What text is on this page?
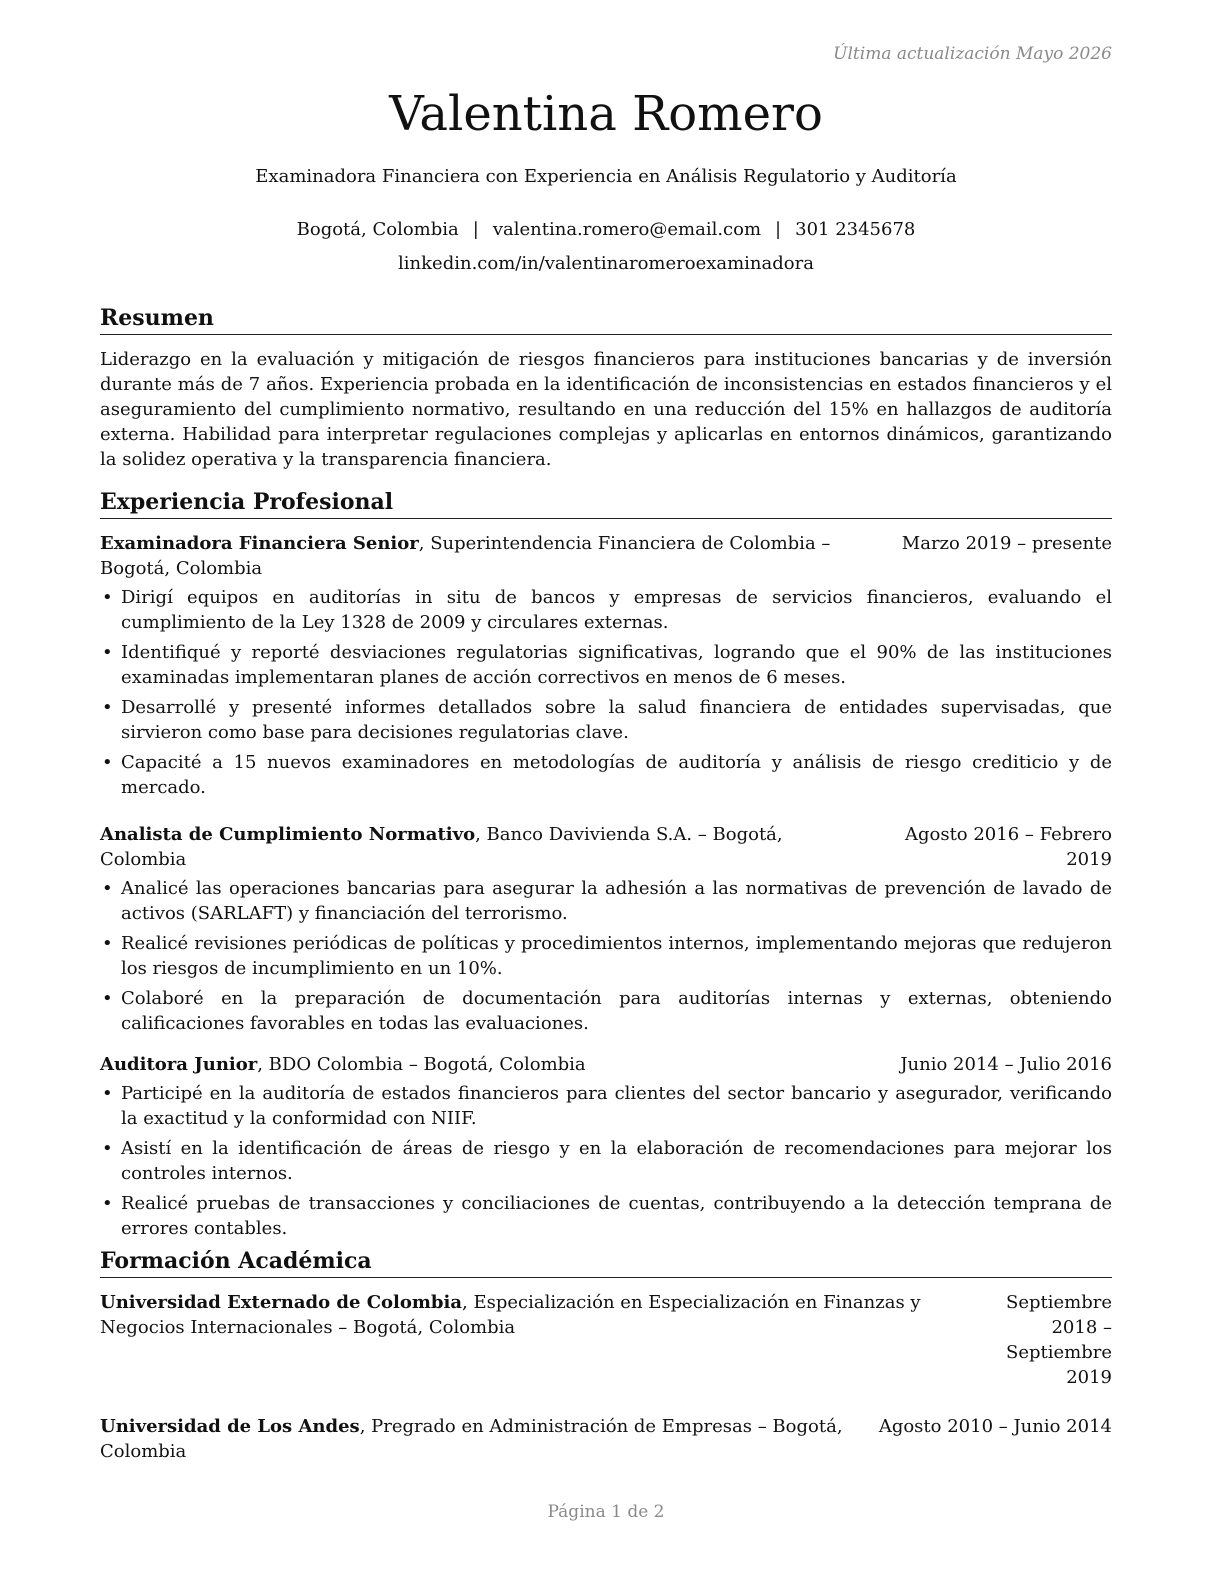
Última actualización Mayo 2026
Valentina Romero
Examinadora Financiera con Experiencia en Análisis Regulatorio y Auditoría
Bogotá, Colombia | valentina.romero@email.com | 301 2345678
linkedin.com/in/valentinaromeroexaminadora
Resumen
Liderazgo en la evaluación y mitigación de riesgos financieros para instituciones bancarias y de inversión durante más de 7 años. Experiencia probada en la identificación de inconsistencias en estados financieros y el aseguramiento del cumplimiento normativo, resultando en una reducción del 15% en hallazgos de auditoría externa. Habilidad para interpretar regulaciones complejas y aplicarlas en entornos dinámicos, garantizando la solidez operativa y la transparencia financiera.
Experiencia Profesional
Examinadora Financiera Senior, Superintendencia Financiera de Colombia – Bogotá, Colombia
Marzo 2019 – presente
• Dirigí equipos en auditorías in situ de bancos y empresas de servicios financieros, evaluando el cumplimiento de la Ley 1328 de 2009 y circulares externas.
• Identifiqué y reporté desviaciones regulatorias significativas, logrando que el 90% de las instituciones examinadas implementaran planes de acción correctivos en menos de 6 meses.
• Desarrollé y presenté informes detallados sobre la salud financiera de entidades supervisadas, que sirvieron como base para decisiones regulatorias clave.
• Capacité a 15 nuevos examinadores en metodologías de auditoría y análisis de riesgo crediticio y de mercado.
Analista de Cumplimiento Normativo, Banco Davivienda S.A. – Bogotá, Colombia
Agosto 2016 – Febrero 2019
• Analicé las operaciones bancarias para asegurar la adhesión a las normativas de prevención de lavado de activos (SARLAFT) y financiación del terrorismo.
• Realicé revisiones periódicas de políticas y procedimientos internos, implementando mejoras que redujeron los riesgos de incumplimiento en un 10%.
• Colaboré en la preparación de documentación para auditorías internas y externas, obteniendo calificaciones favorables en todas las evaluaciones.
Auditora Junior, BDO Colombia – Bogotá, Colombia	Junio 2014 – Julio 2016
• Participé en la auditoría de estados financieros para clientes del sector bancario y asegurador, verificando la exactitud y la conformidad con NIIF.
• Asistí en la identificación de áreas de riesgo y en la elaboración de recomendaciones para mejorar los controles internos.
• Realicé pruebas de transacciones y conciliaciones de cuentas, contribuyendo a la detección temprana de errores contables.
Formación Académica
Universidad Externado de Colombia, Especialización en Especialización en Finanzas y Negocios Internacionales – Bogotá, Colombia
Septiembre 2018 – Septiembre 2019
Universidad de Los Andes, Pregrado en Administración de Empresas – Bogotá, Colombia
Agosto 2010 – Junio 2014
Página 1 de 2
